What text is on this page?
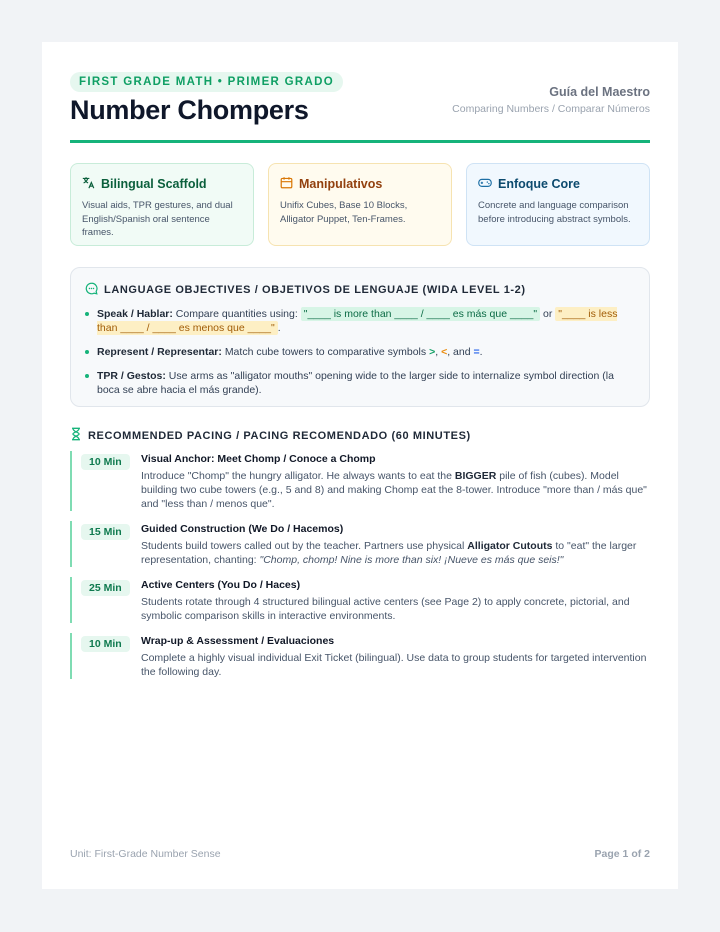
FIRST GRADE MATH • PRIMER GRADO
Number Chompers
Guía del Maestro
Comparing Numbers / Comparar Números
Bilingual Scaffold
Visual aids, TPR gestures, and dual English/Spanish oral sentence frames.
Manipulativos
Unifix Cubes, Base 10 Blocks, Alligator Puppet, Ten-Frames.
Enfoque Core
Concrete and language comparison before introducing abstract symbols.
LANGUAGE OBJECTIVES / OBJETIVOS DE LENGUAJE (WIDA LEVEL 1-2)
Speak / Hablar: Compare quantities using: "____ is more than ____ / ____ es más que ____" or "____ is less than ____ / ____ es menos que ____" .
Represent / Representar: Match cube towers to comparative symbols >, <, and =.
TPR / Gestos: Use arms as "alligator mouths" opening wide to the larger side to internalize symbol direction (la boca se abre hacia el más grande).
RECOMMENDED PACING / PACING RECOMENDADO (60 MINUTES)
10 Min	Visual Anchor: Meet Chomp / Conoce a Chomp
Introduce "Chomp" the hungry alligator. He always wants to eat the BIGGER pile of fish (cubes). Model building two cube towers (e.g., 5 and 8) and making Chomp eat the 8-tower. Introduce "more than / más que" and "less than / menos que".
15 Min	Guided Construction (We Do / Hacemos)
Students build towers called out by the teacher. Partners use physical Alligator Cutouts to "eat" the larger representation, chanting: "Chomp, chomp! Nine is more than six! ¡Nueve es más que seis!"
25 Min	Active Centers (You Do / Haces)
Students rotate through 4 structured bilingual active centers (see Page 2) to apply concrete, pictorial, and symbolic comparison skills in interactive environments.
10 Min	Wrap-up & Assessment / Evaluaciones
Complete a highly visual individual Exit Ticket (bilingual). Use data to group students for targeted intervention the following day.
Unit: First-Grade Number Sense	Page 1 of 2
